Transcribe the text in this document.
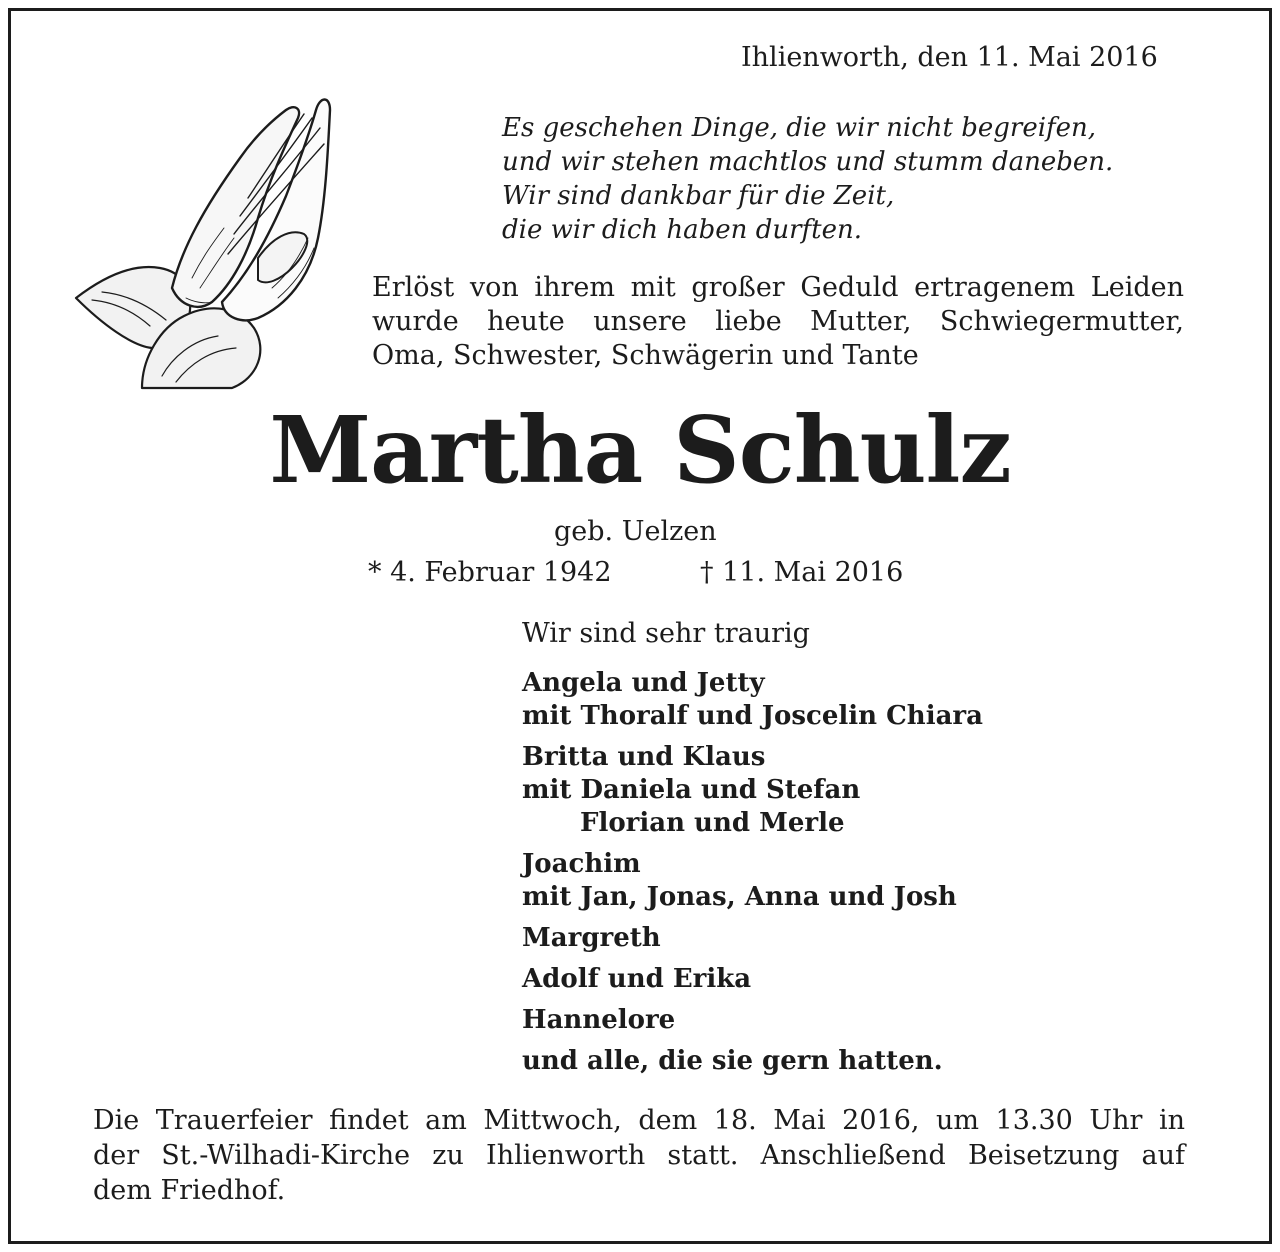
Ihlienworth, den 11. Mai 2016

Es geschehen Dinge, die wir nicht begreifen,
und wir stehen machtlos und stumm daneben.
Wir sind dankbar für die Zeit,
die wir dich haben durften.
Erlöst von ihrem mit großer Geduld ertragenem Leiden
wurde heute unsere liebe Mutter, Schwiegermutter,
Oma, Schwester, Schwägerin und Tante

Martha Schulz

geb. Uelzen

* 4. Februar 1942	† 11. Mai 2016

Wir sind sehr traurig

Angela und Jetty
mit Thoralf und Joscelin Chiara
Britta und Klaus
mit Daniela und Stefan
Florian und Merle
Joachim
mit Jan, Jonas, Anna und Josh
Margreth
Adolf und Erika
Hannelore
und alle, die sie gern hatten.
Die Trauerfeier findet am Mittwoch, dem 18. Mai 2016, um 13.30 Uhr in
der St.-Wilhadi-Kirche zu Ihlienworth statt. Anschließend Beisetzung auf
dem Friedhof.
